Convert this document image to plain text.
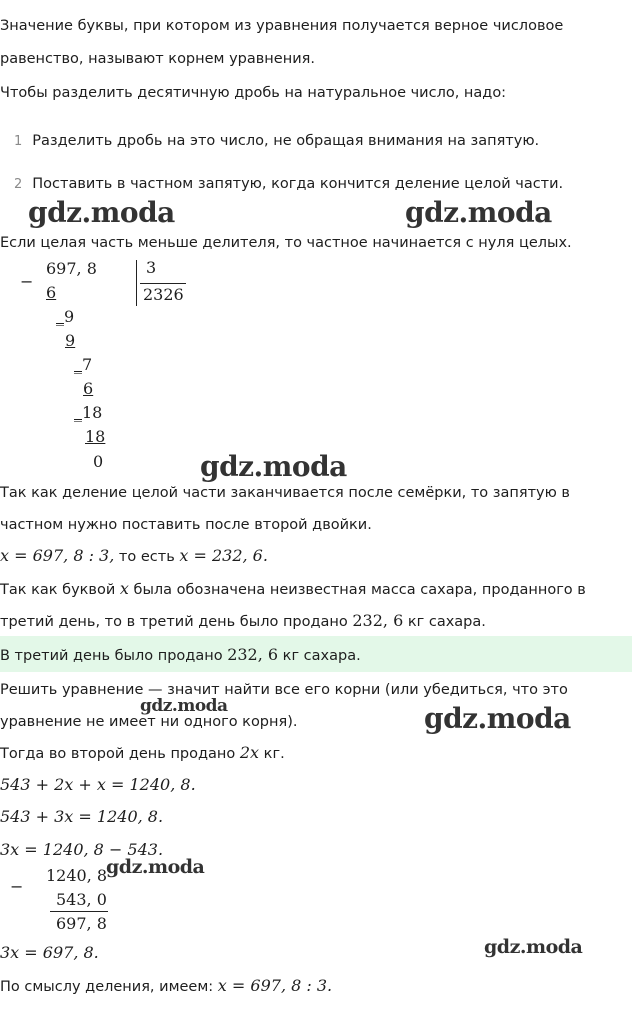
Значение буквы, при котором из уравнения получается верное числовое
равенство, называют корнем уравнения.
Чтобы разделить десятичную дробь на натуральное число, надо:
1 Разделить дробь на это число, не обращая внимания на запятую.
2 Поставить в частном запятую, когда кончится деление целой части.
Если целая часть меньше делителя, то частное начинается с нуля целых.
−
697, 8	3
2326
6
_9
9
_7
6
_18
18
0
Так как деление целой части заканчивается после семёрки, то запятую в
частном нужно поставить после второй двойки.
x = 697, 8 : 3, то есть x = 232, 6.
Так как буквой x была обозначена неизвестная масса сахара, проданного в
третий день, то в третий день было продано 232, 6 кг сахара.
В третий день было продано 232, 6 кг сахара.
Решить уравнение — значит найти все его корни (или убедиться, что это
уравнение не имеет ни одного корня).
Тогда во второй день продано 2x кг.
543 + 2x + x = 1240, 8.
543 + 3x = 1240, 8.
3x = 1240, 8 − 543.
−
1240, 8
543, 0
697, 8
3x = 697, 8.
По смыслу деления, имеем: x = 697, 8 : 3.
gdz.moda	gdz.moda
gdz.moda
gdz.moda	gdz.moda
gdz.moda
gdz.moda
